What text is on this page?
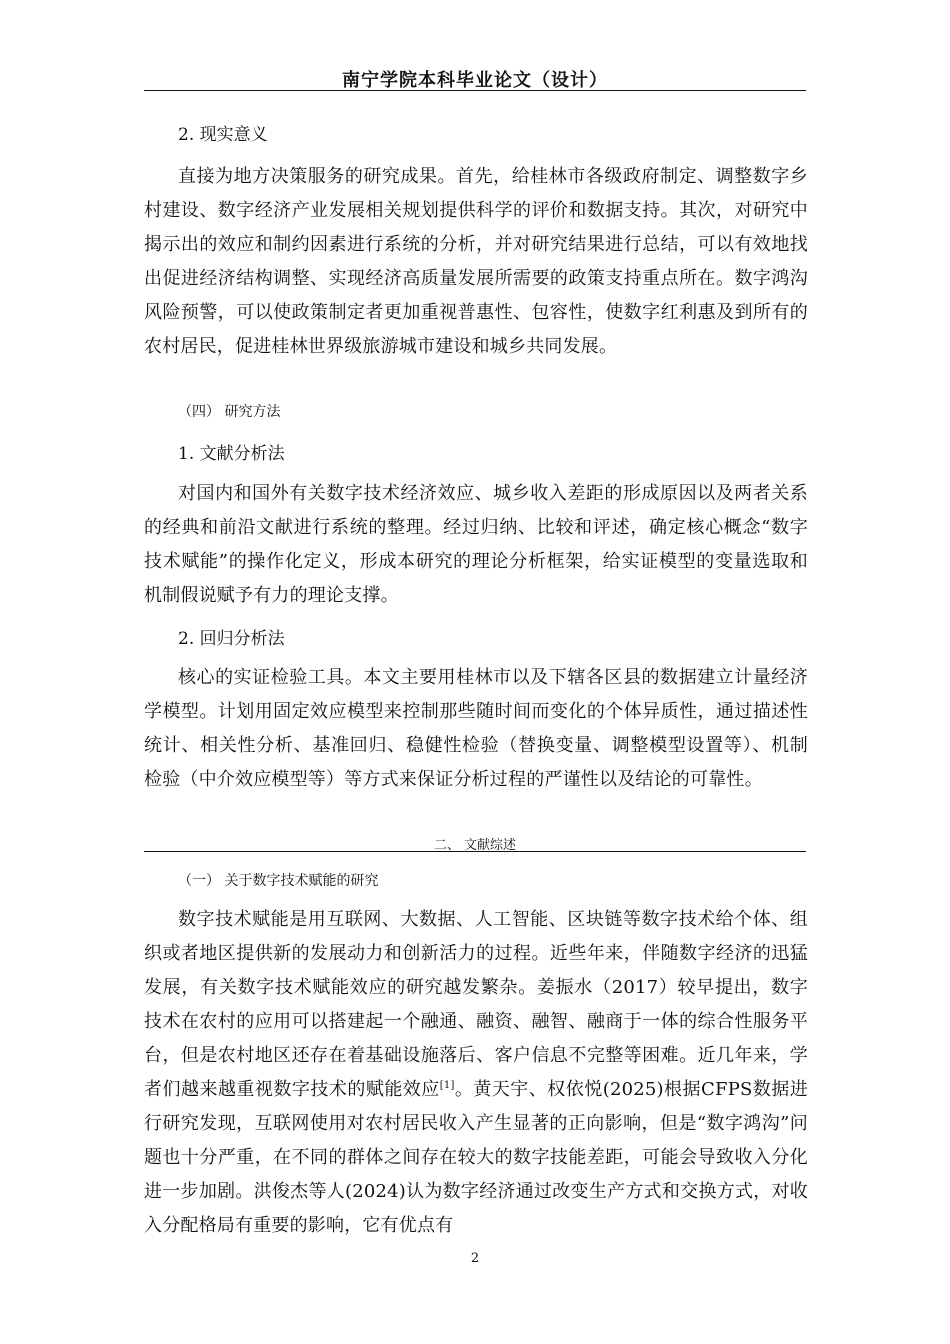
南宁学院本科毕业论文（设计）
2. 现实意义
直接为地方决策服务的研究成果。首先，给桂林市各级政府制定、调整数字乡村建设、数字经济产业发展相关规划提供科学的评价和数据支持。其次，对研究中揭示出的效应和制约因素进行系统的分析，并对研究结果进行总结，可以有效地找出促进经济结构调整、实现经济高质量发展所需要的政策支持重点所在。数字鸿沟风险预警，可以使政策制定者更加重视普惠性、包容性，使数字红利惠及到所有的农村居民，促进桂林世界级旅游城市建设和城乡共同发展。
（四） 研究方法
1. 文献分析法
对国内和国外有关数字技术经济效应、城乡收入差距的形成原因以及两者关系的经典和前沿文献进行系统的整理。经过归纳、比较和评述，确定核心概念“数字技术赋能”的操作化定义，形成本研究的理论分析框架，给实证模型的变量选取和机制假说赋予有力的理论支撑。
2. 回归分析法
核心的实证检验工具。本文主要用桂林市以及下辖各区县的数据建立计量经济学模型。计划用固定效应模型来控制那些随时间而变化的个体异质性，通过描述性统计、相关性分析、基准回归、稳健性检验（替换变量、调整模型设置等）、机制检验（中介效应模型等）等方式来保证分析过程的严谨性以及结论的可靠性。
二、 文献综述
（一） 关于数字技术赋能的研究
数字技术赋能是用互联网、大数据、人工智能、区块链等数字技术给个体、组织或者地区提供新的发展动力和创新活力的过程。近些年来，伴随数字经济的迅猛发展，有关数字技术赋能效应的研究越发繁杂。姜振水（2017）较早提出，数字技术在农村的应用可以搭建起一个融通、融资、融智、融商于一体的综合性服务平台，但是农村地区还存在着基础设施落后、客户信息不完整等困难。近几年来，学者们越来越重视数字技术的赋能效应[1]。黄天宇、权依悦(2025)根据CFPS数据进行研究发现，互联网使用对农村居民收入产生显著的正向影响，但是“数字鸿沟”问题也十分严重，在不同的群体之间存在较大的数字技能差距，可能会导致收入分化进一步加剧。洪俊杰等人(2024)认为数字经济通过改变生产方式和交换方式，对收入分配格局有重要的影响，它有优点有
2
